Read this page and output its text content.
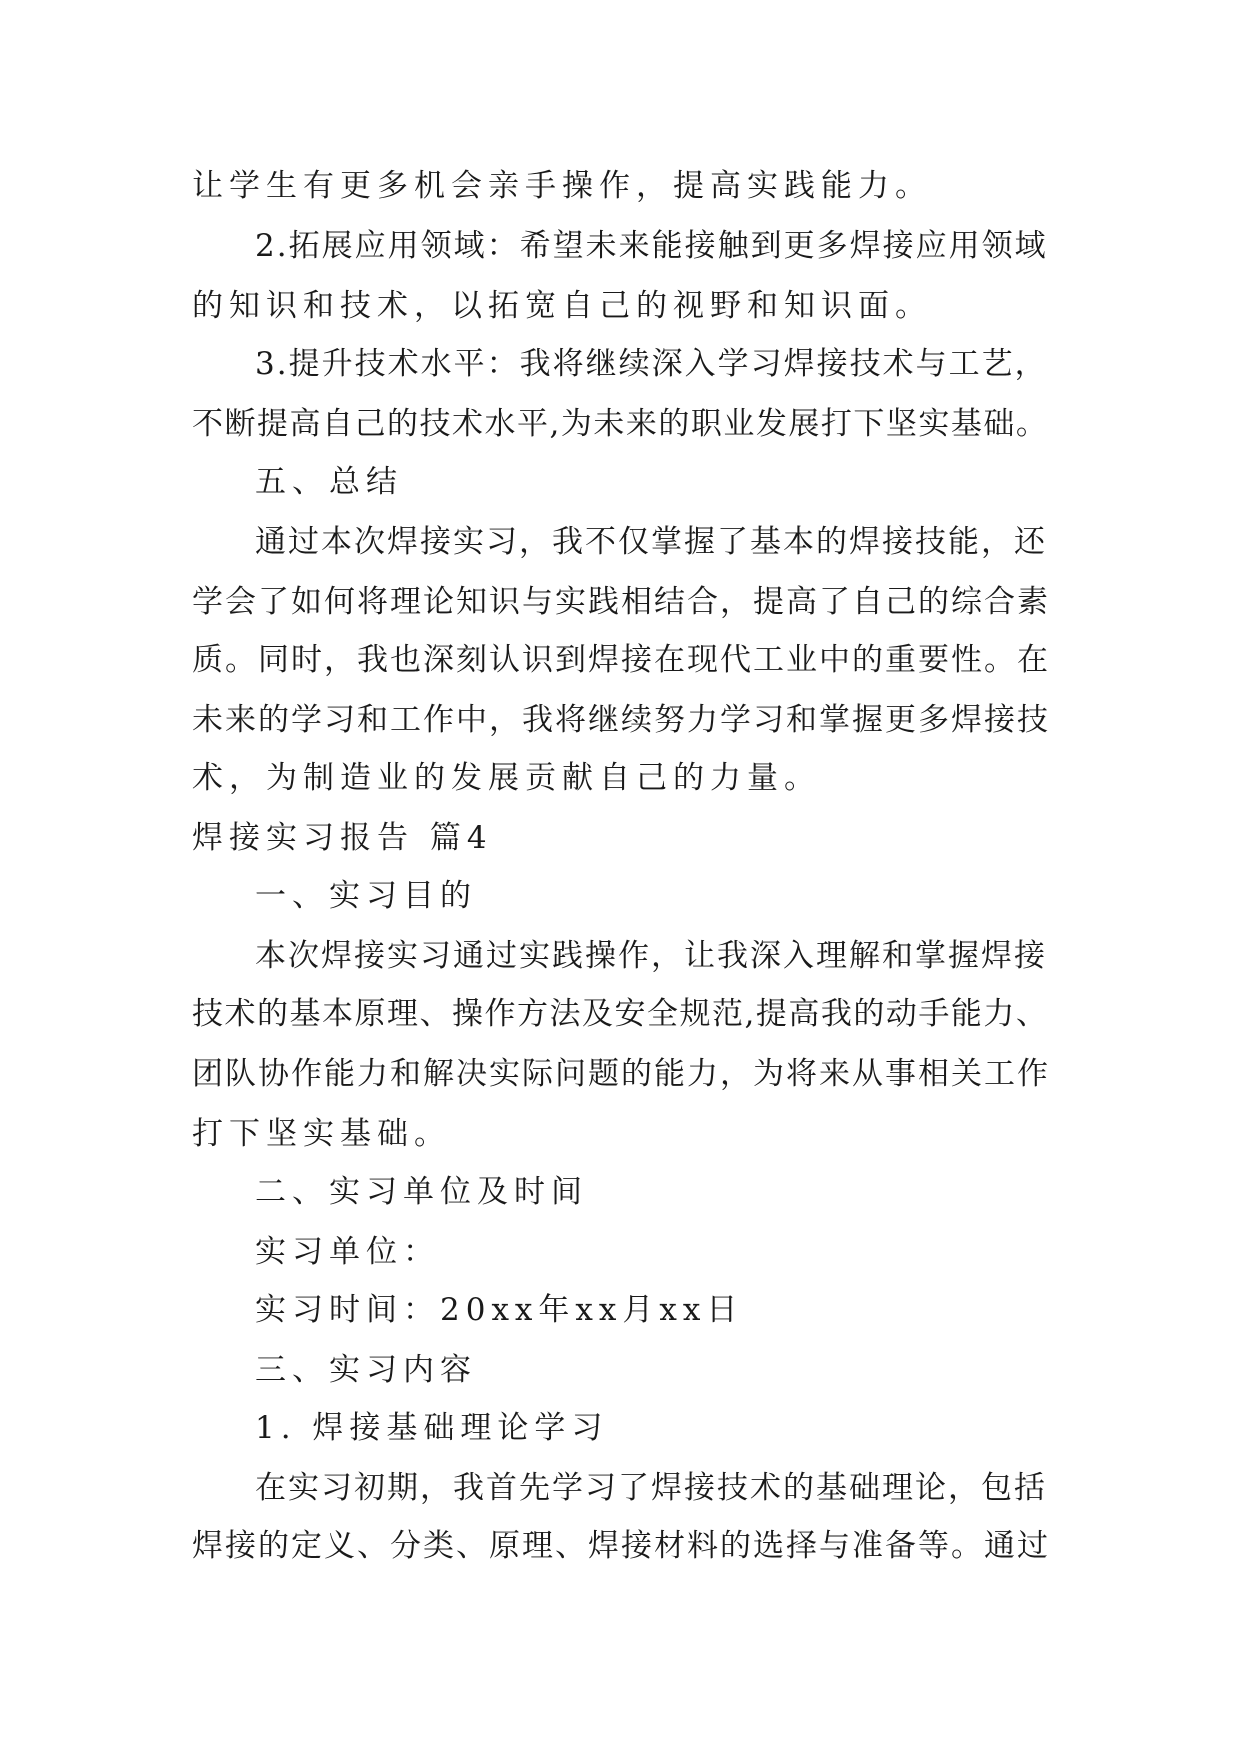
让学生有更多机会亲手操作，提高实践能力。
2.拓展应用领域：希望未来能接触到更多焊接应用领域
的知识和技术，以拓宽自己的视野和知识面。
3.提升技术水平：我将继续深入学习焊接技术与工艺，
不断提高自己的技术水平,为未来的职业发展打下坚实基础。
五、总结
通过本次焊接实习，我不仅掌握了基本的焊接技能，还
学会了如何将理论知识与实践相结合，提高了自己的综合素
质。同时，我也深刻认识到焊接在现代工业中的重要性。在
未来的学习和工作中，我将继续努力学习和掌握更多焊接技
术，为制造业的发展贡献自己的力量。
焊接实习报告 篇4
一、实习目的
本次焊接实习通过实践操作，让我深入理解和掌握焊接
技术的基本原理、操作方法及安全规范,提高我的动手能力、
团队协作能力和解决实际问题的能力，为将来从事相关工作
打下坚实基础。
二、实习单位及时间
实习单位：
实习时间：20xx年xx月xx日
三、实习内容
1. 焊接基础理论学习
在实习初期，我首先学习了焊接技术的基础理论，包括
焊接的定义、分类、原理、焊接材料的选择与准备等。通过
